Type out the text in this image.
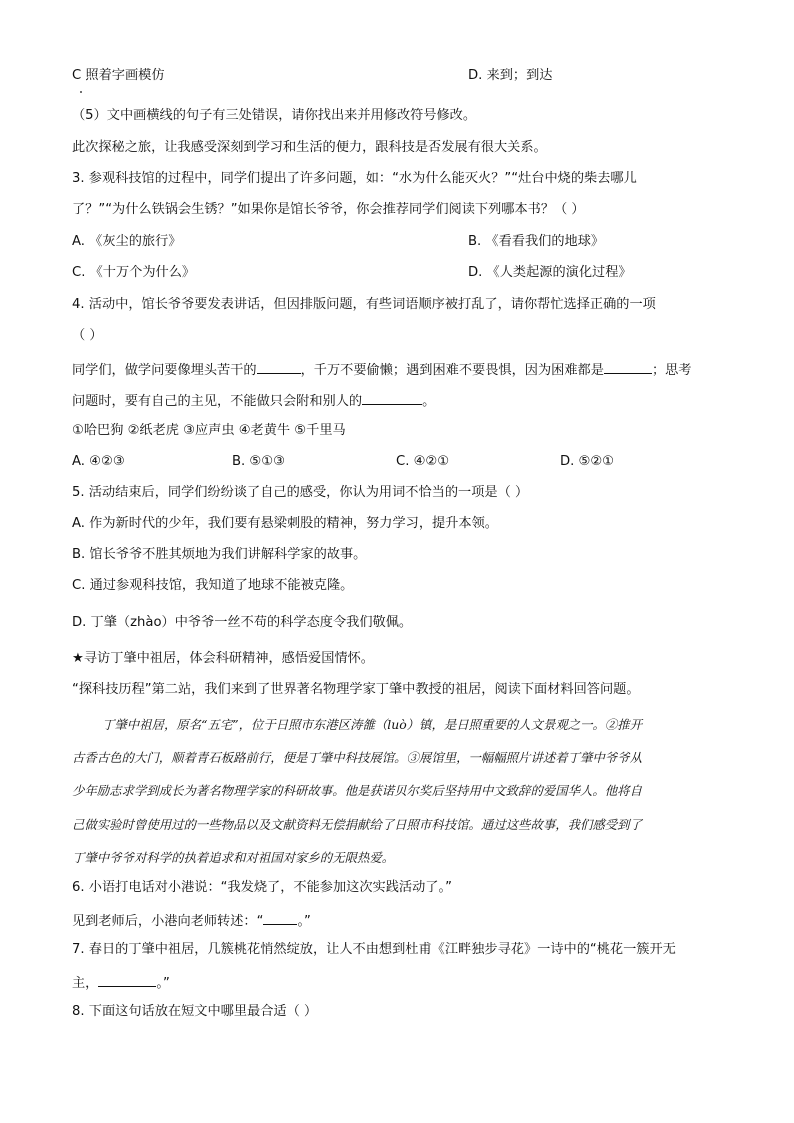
C 照着字画模仿	D. 来到；到达
（5）文中画横线的句子有三处错误，请你找出来并用修改符号修改。
此次探秘之旅，让我感受深刻到学习和生活的便力，跟科技是否发展有很大关系。
3. 参观科技馆的过程中，同学们提出了许多问题，如：“水为什么能灭火？”“灶台中烧的柴去哪儿
了？”“为什么铁锅会生锈？”如果你是馆长爷爷，你会推荐同学们阅读下列哪本书？（ ）
A. 《灰尘的旅行》	B. 《看看我们的地球》
C. 《十万个为什么》	D. 《人类起源的演化过程》
4. 活动中，馆长爷爷要发表讲话，但因排版问题，有些词语顺序被打乱了，请你帮忙选择正确的一项
（ ）
同学们，做学问要像埋头苦干的	，千万不要偷懒；遇到困难不要畏惧，因为困难都是	；思考
问题时，要有自己的主见，不能做只会附和别人的	。
①哈巴狗 ②纸老虎 ③应声虫 ④老黄牛 ⑤千里马
A. ④②③	B. ⑤①③	C. ④②①	D. ⑤②①
5. 活动结束后，同学们纷纷谈了自己的感受，你认为用词不恰当的一项是（ ）
A. 作为新时代的少年，我们要有悬梁刺股的精神，努力学习，提升本领。
B. 馆长爷爷不胜其烦地为我们讲解科学家的故事。
C. 通过参观科技馆，我知道了地球不能被克隆。
D. 丁肇（zhào）中爷爷一丝不苟的科学态度令我们敬佩。
★寻访丁肇中祖居，体会科研精神，感悟爱国情怀。
“探科技历程”第二站，我们来到了世界著名物理学家丁肇中教授的祖居，阅读下面材料回答问题。
丁肇中祖居，原名“五宅”，位于日照市东港区涛雒（luò）镇，是日照重要的人文景观之一。②推开
古香古色的大门，顺着青石板路前行，便是丁肇中科技展馆。③展馆里，一幅幅照片讲述着丁肇中爷爷从
少年励志求学到成长为著名物理学家的科研故事。他是获诺贝尔奖后坚持用中文致辞的爱国华人。他将自
己做实验时曾使用过的一些物品以及文献资料无偿捐献给了日照市科技馆。通过这些故事，我们感受到了
丁肇中爷爷对科学的执着追求和对祖国对家乡的无限热爱。
6. 小语打电话对小港说：“我发烧了，不能参加这次实践活动了。”
见到老师后，小港向老师转述：“	。”
7. 春日的丁肇中祖居，几簇桃花悄然绽放，让人不由想到杜甫《江畔独步寻花》一诗中的“桃花一簇开无
主，	。”
8. 下面这句话放在短文中哪里最合适（ ）
